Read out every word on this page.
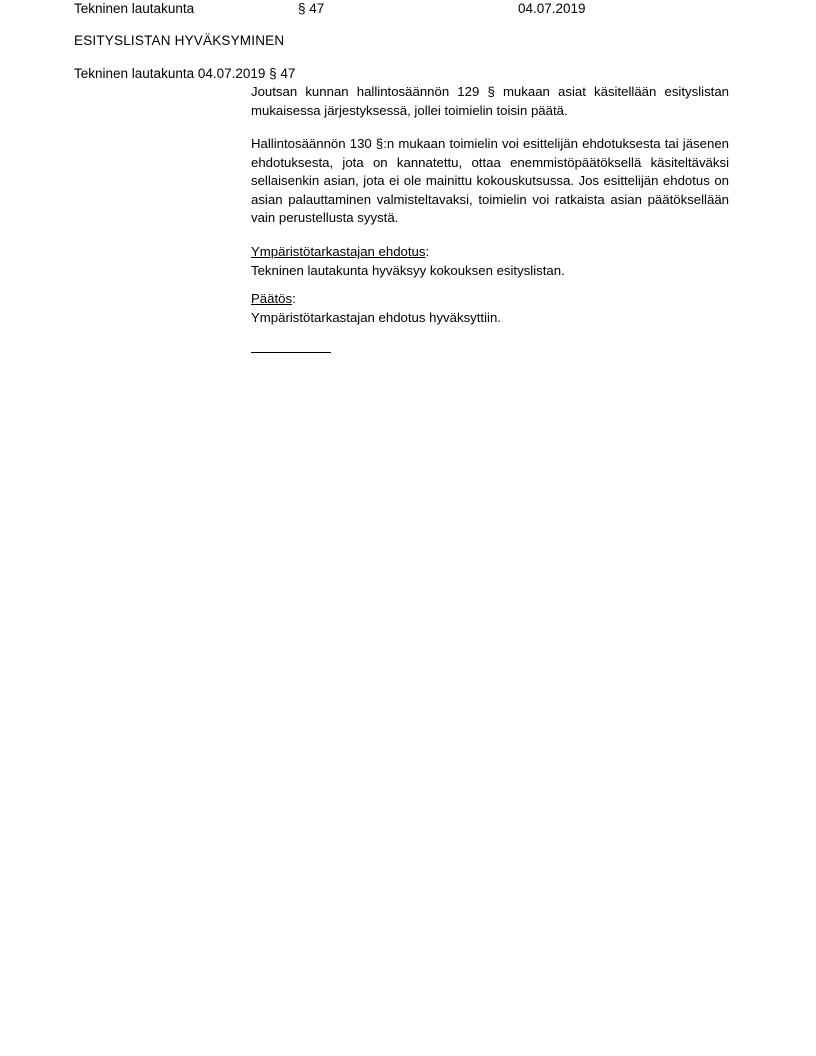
Tekninen lautakunta	§ 47	04.07.2019
ESITYSLISTAN HYVÄKSYMINEN
Tekninen lautakunta 04.07.2019 § 47
Joutsan kunnan hallintosäännön 129 § mukaan asiat käsitellään esityslistan mukaisessa järjestyksessä, jollei toimielin toisin päätä.
Hallintosäännön 130 §:n mukaan toimielin voi esittelijän ehdotuksesta tai jäsenen ehdotuksesta, jota on kannatettu, ottaa enemmistöpäätöksellä käsiteltäväksi sellaisenkin asian, jota ei ole mainittu kokouskutsussa. Jos esittelijän ehdotus on asian palauttaminen valmisteltavaksi, toimielin voi ratkaista asian päätöksellään vain perustellusta syystä.
Ympäristötarkastajan ehdotus:
Tekninen lautakunta hyväksyy kokouksen esityslistan.
Päätös:
Ympäristötarkastajan ehdotus hyväksyttiin.
